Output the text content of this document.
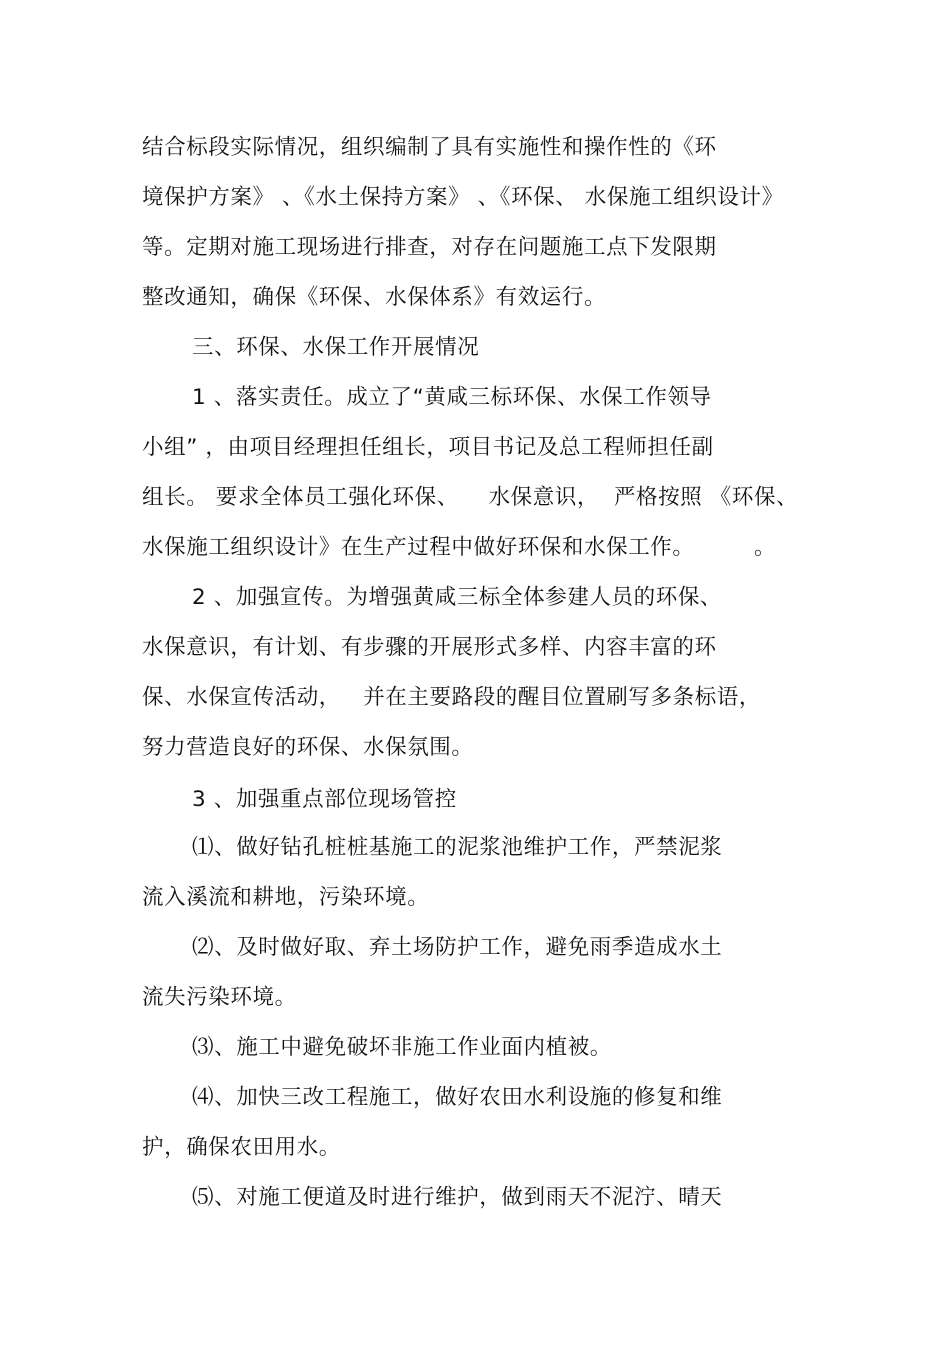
结合标段实际情况，组织编制了具有实施性和操作性的《环
境保护方案》 、《水土保持方案》 、《环保、 水保施工组织设计》
等。定期对施工现场进行排查，对存在问题施工点下发限期
整改通知，确保《环保、水保体系》有效运行。
三、环保、水保工作开展情况
1 、落实责任。成立了“黄咸三标环保、水保工作领导
小组” ，由项目经理担任组长，项目书记及总工程师担任副
组长。 要求全体员工强化环保、    水保意识，  严格按照 《环保、
水保施工组织设计》在生产过程中做好环保和水保工作。        。
2 、加强宣传。为增强黄咸三标全体参建人员的环保、
水保意识，有计划、有步骤的开展形式多样、内容丰富的环
保、水保宣传活动，   并在主要路段的醒目位置刷写多条标语，
努力营造良好的环保、水保氛围。
3 、加强重点部位现场管控
⑴、做好钻孔桩桩基施工的泥浆池维护工作，严禁泥浆
流入溪流和耕地，污染环境。
⑵、及时做好取、弃土场防护工作，避免雨季造成水土
流失污染环境。
⑶、施工中避免破坏非施工作业面内植被。
⑷、加快三改工程施工，做好农田水利设施的修复和维
护，确保农田用水。
⑸、对施工便道及时进行维护，做到雨天不泥泞、晴天
